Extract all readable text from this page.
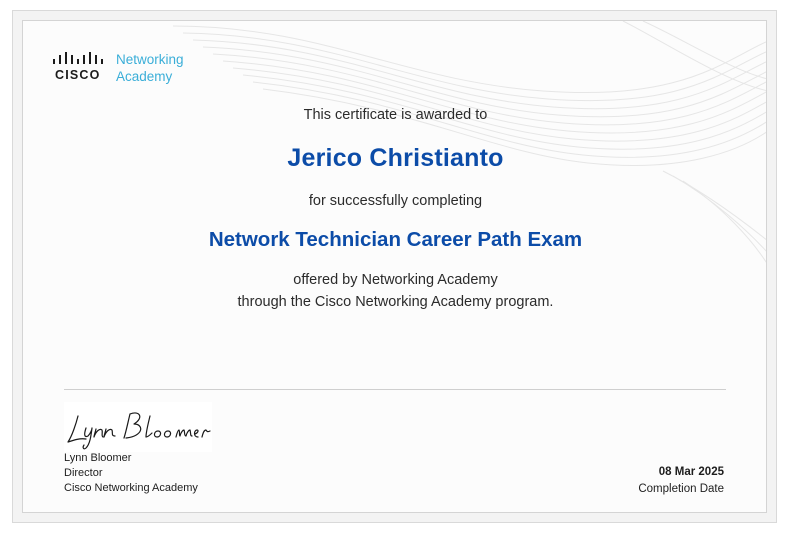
CISCO
Networking
Academy
This certificate is awarded to
Jerico Christianto
for successfully completing
Network Technician Career Path Exam
offered by Networking Academy
through the Cisco Networking Academy program.
Lynn Bloomer
Director
Cisco Networking Academy
08 Mar 2025
Completion Date
